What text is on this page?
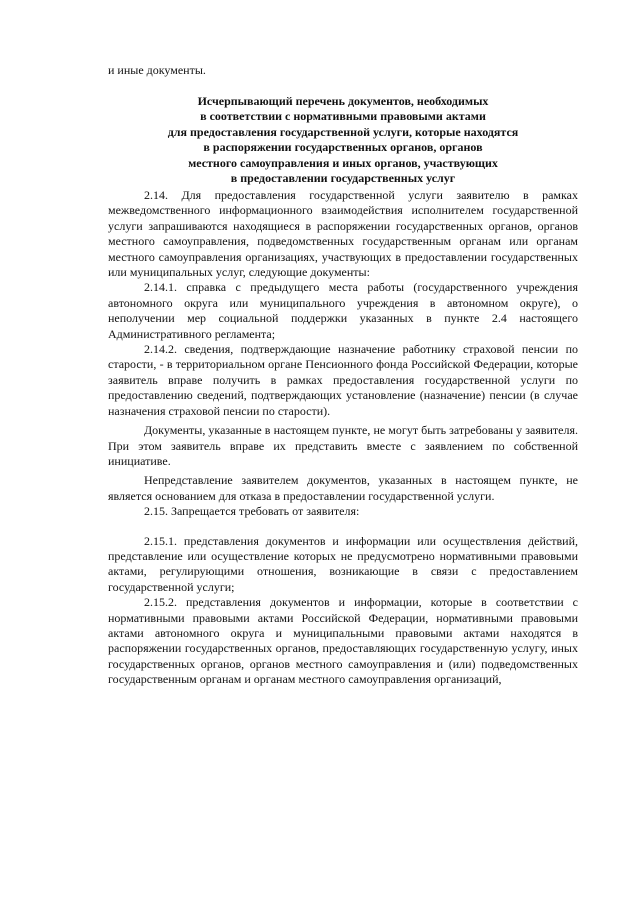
и иные документы.

Исчерпывающий перечень документов, необходимых
в соответствии с нормативными правовыми актами
для предоставления государственной услуги, которые находятся
в распоряжении государственных органов, органов
местного самоуправления и иных органов, участвующих
в предоставлении государственных услуг

2.14. Для предоставления государственной услуги заявителю в рамках межведомственного информационного взаимодействия исполнителем государственной услуги запрашиваются находящиеся в распоряжении государственных органов, органов местного самоуправления, подведомственных государственным органам или органам местного самоуправления организациях, участвующих в предоставлении государственных или муниципальных услуг, следующие документы:

2.14.1. справка с предыдущего места работы (государственного учреждения автономного округа или муниципального учреждения в автономном округе), о неполучении мер социальной поддержки указанных в пункте 2.4 настоящего Административного регламента;

2.14.2. сведения, подтверждающие назначение работнику страховой пенсии по старости, - в территориальном органе Пенсионного фонда Российской Федерации, которые заявитель вправе получить в рамках предоставления государственной услуги по предоставлению сведений, подтверждающих установление (назначение) пенсии (в случае назначения страховой пенсии по старости).

Документы, указанные в настоящем пункте, не могут быть затребованы у заявителя. При этом заявитель вправе их представить вместе с заявлением по собственной инициативе.

Непредставление заявителем документов, указанных в настоящем пункте, не является основанием для отказа в предоставлении государственной услуги.

2.15. Запрещается требовать от заявителя:

2.15.1. представления документов и информации или осуществления действий, представление или осуществление которых не предусмотрено нормативными правовыми актами, регулирующими отношения, возникающие в связи с предоставлением государственной услуги;

2.15.2. представления документов и информации, которые в соответствии с нормативными правовыми актами Российской Федерации, нормативными правовыми актами автономного округа и муниципальными правовыми актами находятся в распоряжении государственных органов, предоставляющих государственную услугу, иных государственных органов, органов местного самоуправления и (или) подведомственных государственным органам и органам местного самоуправления организаций,
